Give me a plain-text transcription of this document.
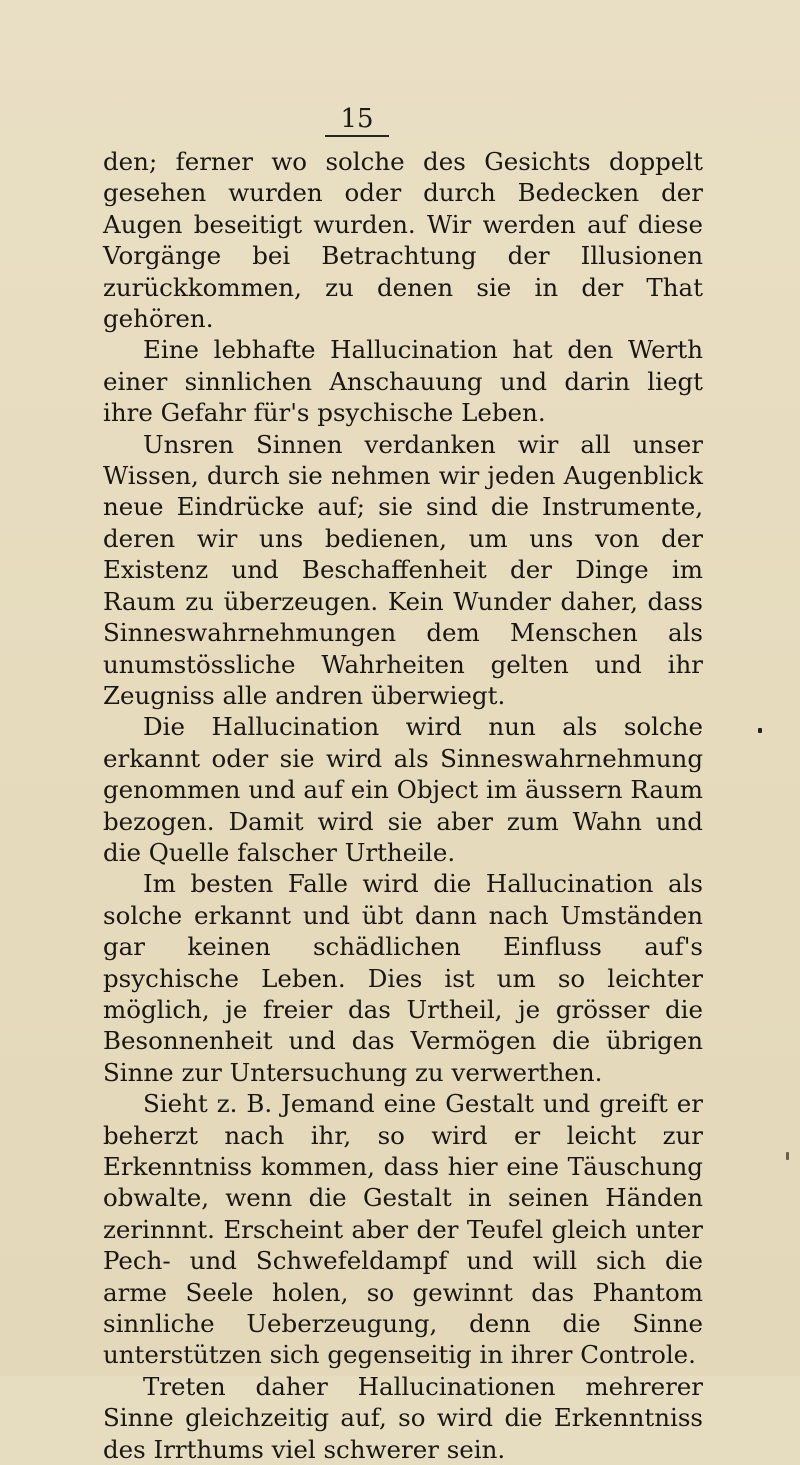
15

den; ferner wo solche des Gesichts doppelt gesehen wurden oder durch Bedecken der Augen beseitigt wurden. Wir werden auf diese Vorgänge bei Betrachtung der Illusionen zurückkommen, zu denen sie in der That gehören.

Eine lebhafte Hallucination hat den Werth einer sinnlichen Anschauung und darin liegt ihre Gefahr für's psychische Leben.

Unsren Sinnen verdanken wir all unser Wissen, durch sie nehmen wir jeden Augenblick neue Eindrücke auf; sie sind die Instrumente, deren wir uns bedienen, um uns von der Existenz und Beschaffenheit der Dinge im Raum zu überzeugen. Kein Wunder daher, dass Sinneswahrnehmungen dem Menschen als unumstössliche Wahrheiten gelten und ihr Zeugniss alle andren überwiegt.

Die Hallucination wird nun als solche erkannt oder sie wird als Sinneswahrnehmung genommen und auf ein Object im äussern Raum bezogen. Damit wird sie aber zum Wahn und die Quelle falscher Urtheile.

Im besten Falle wird die Hallucination als solche erkannt und übt dann nach Umständen gar keinen schädlichen Einfluss auf's psychische Leben. Dies ist um so leichter möglich, je freier das Urtheil, je grösser die Besonnenheit und das Vermögen die übrigen Sinne zur Untersuchung zu verwerthen.

Sieht z. B. Jemand eine Gestalt und greift er beherzt nach ihr, so wird er leicht zur Erkenntniss kommen, dass hier eine Täuschung obwalte, wenn die Gestalt in seinen Händen zerinnnt. Erscheint aber der Teufel gleich unter Pech- und Schwefeldampf und will sich die arme Seele holen, so gewinnt das Phantom sinnliche Ueberzeugung, denn die Sinne unterstützen sich gegenseitig in ihrer Controle.

Treten daher Hallucinationen mehrerer Sinne gleichzeitig auf, so wird die Erkenntniss des Irrthums viel schwerer sein.
